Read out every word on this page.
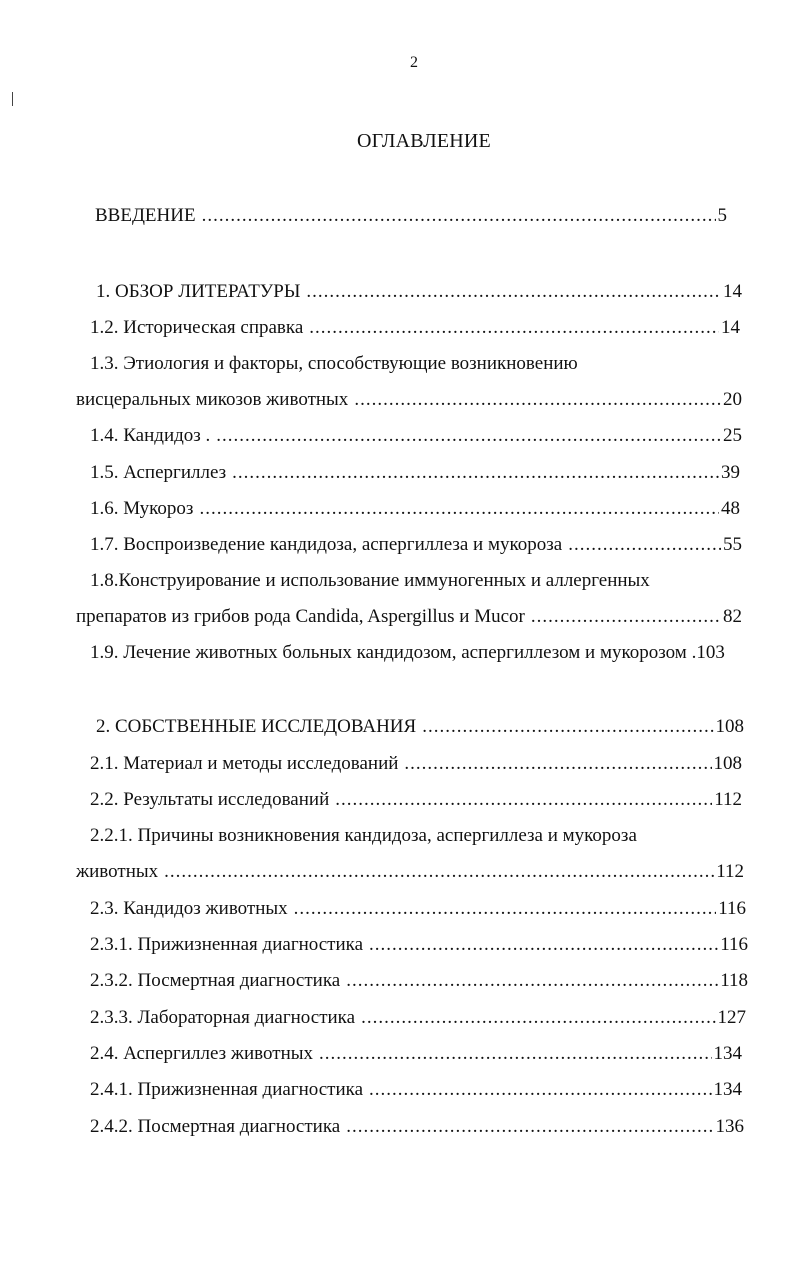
2
ОГЛАВЛЕНИЕ
ВВЕДЕНИЕ .....	5
1. ОБЗОР ЛИТЕРАТУРЫ .....	14
1.2. Историческая справка .....	14
1.3. Этиология и факторы, способствующие возникновению
висцеральных микозов животных .....	20
1.4. Кандидоз . .....	25
1.5. Аспергиллез .....	39
1.6. Мукороз .....	48
1.7. Воспроизведение кандидоза, аспергиллеза и мукороза .....	55
1.8.Конструирование и использование иммуногенных и аллергенных
препаратов из грибов рода Candida, Aspergillus и Mucor .....	82
1.9. Лечение животных больных кандидозом, аспергиллезом и мукорозом . 103
2. СОБСТВЕННЫЕ ИССЛЕДОВАНИЯ .....	108
2.1. Материал и методы исследований .....	108
2.2. Результаты исследований .....	112
2.2.1. Причины возникновения кандидоза, аспергиллеза и мукороза
животных .....	112
2.3. Кандидоз животных .....	116
2.3.1. Прижизненная диагностика .....	116
2.3.2. Посмертная диагностика .....	118
2.3.3. Лабораторная диагностика .....	127
2.4. Аспергиллез животных .....	134
2.4.1. Прижизненная диагностика .....	134
2.4.2. Посмертная диагностика .....	136
